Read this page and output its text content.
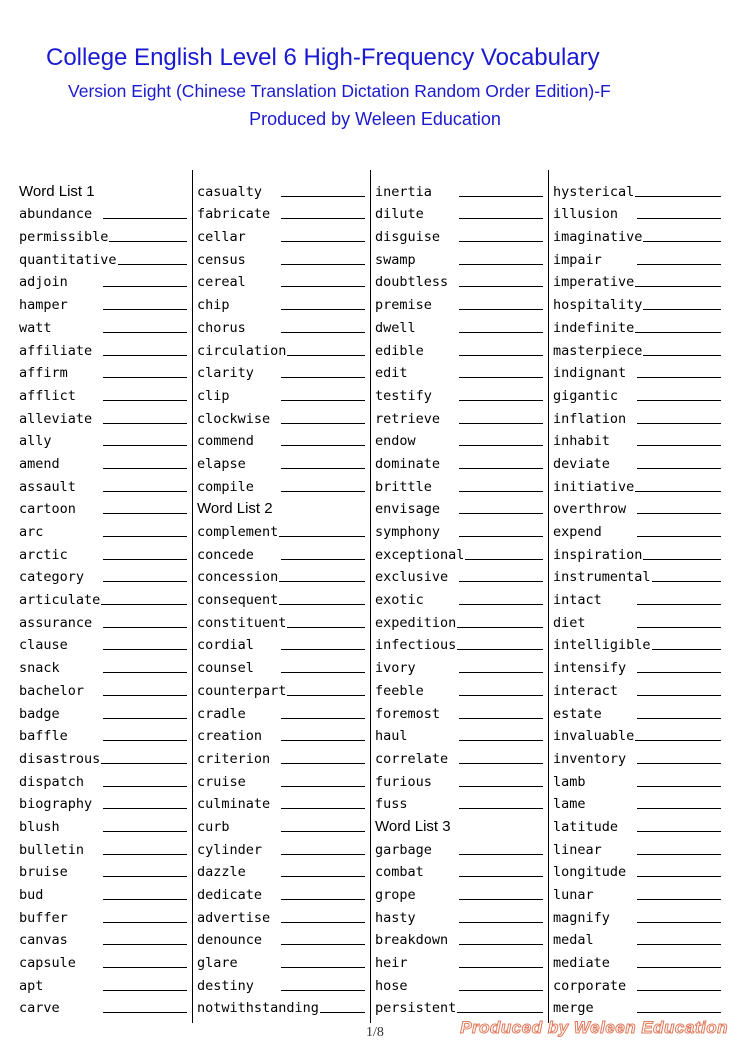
College English Level 6 High-Frequency Vocabulary
Version Eight (Chinese Translation Dictation Random Order Edition)-F
Produced by Weleen Education
Word List 1
abundance
permissible
quantitative
adjoin
hamper
watt
affiliate
affirm
afflict
alleviate
ally
amend
assault
cartoon
arc
arctic
category
articulate
assurance
clause
snack
bachelor
badge
baffle
disastrous
dispatch
biography
blush
bulletin
bruise
bud
buffer
canvas
capsule
apt
carve
casualty
fabricate
cellar
census
cereal
chip
chorus
circulation
clarity
clip
clockwise
commend
elapse
compile
Word List 2
complement
concede
concession
consequent
constituent
cordial
counsel
counterpart
cradle
creation
criterion
cruise
culminate
curb
cylinder
dazzle
dedicate
advertise
denounce
glare
destiny
notwithstanding
inertia
dilute
disguise
swamp
doubtless
premise
dwell
edible
edit
testify
retrieve
endow
dominate
brittle
envisage
symphony
exceptional
exclusive
exotic
expedition
infectious
ivory
feeble
foremost
haul
correlate
furious
fuss
Word List 3
garbage
combat
grope
hasty
breakdown
heir
hose
persistent
hysterical
illusion
imaginative
impair
imperative
hospitality
indefinite
masterpiece
indignant
gigantic
inflation
inhabit
deviate
initiative
overthrow
expend
inspiration
instrumental
intact
diet
intelligible
intensify
interact
estate
invaluable
inventory
lamb
lame
latitude
linear
longitude
lunar
magnify
medal
mediate
corporate
merge
1/8	Produced by Weleen Education
